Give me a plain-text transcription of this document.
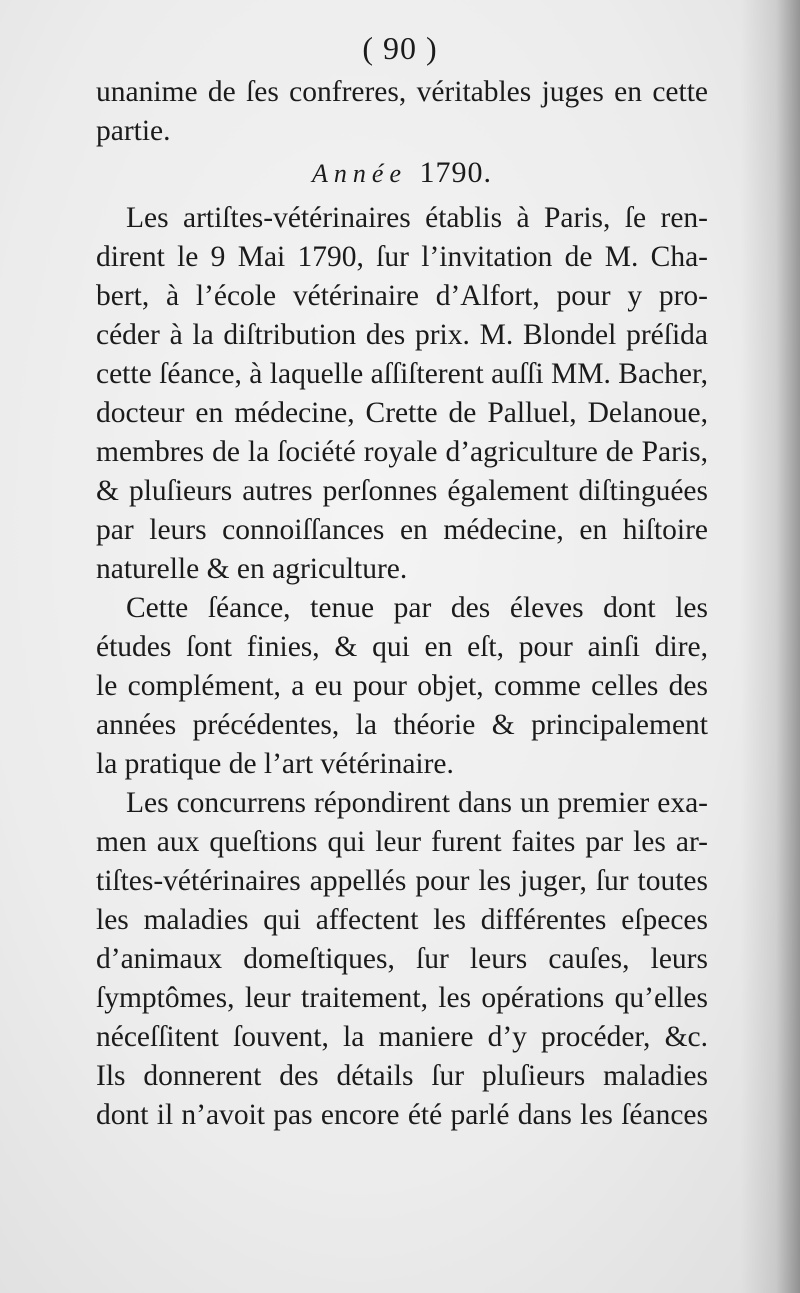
( 90 )
unanime de ſes confreres, véritables juges en cette
partie.
Année 1790.
Les artiſtes-vétérinaires établis à Paris, ſe ren-
dirent le 9 Mai 1790, ſur l’invitation de M. Cha-
bert, à l’école vétérinaire d’Alfort, pour y pro-
céder à la diſtribution des prix. M. Blondel préſida
cette ſéance, à laquelle aſſiſterent auſſi MM. Bacher,
docteur en médecine, Crette de Palluel, Delanoue,
membres de la ſociété royale d’agriculture de Paris,
& pluſieurs autres perſonnes également diſtinguées
par leurs connoiſſances en médecine, en hiſtoire
naturelle & en agriculture.
Cette ſéance, tenue par des éleves dont les
études ſont finies, & qui en eſt, pour ainſi dire,
le complément, a eu pour objet, comme celles des
années précédentes, la théorie & principalement
la pratique de l’art vétérinaire.
Les concurrens répondirent dans un premier exa-
men aux queſtions qui leur furent faites par les ar-
tiſtes-vétérinaires appellés pour les juger, ſur toutes
les maladies qui affectent les différentes eſpeces
d’animaux domeſtiques, ſur leurs cauſes, leurs
ſymptômes, leur traitement, les opérations qu’elles
néceſſitent ſouvent, la maniere d’y procéder, &c.
Ils donnerent des détails ſur pluſieurs maladies
dont il n’avoit pas encore été parlé dans les ſéances
